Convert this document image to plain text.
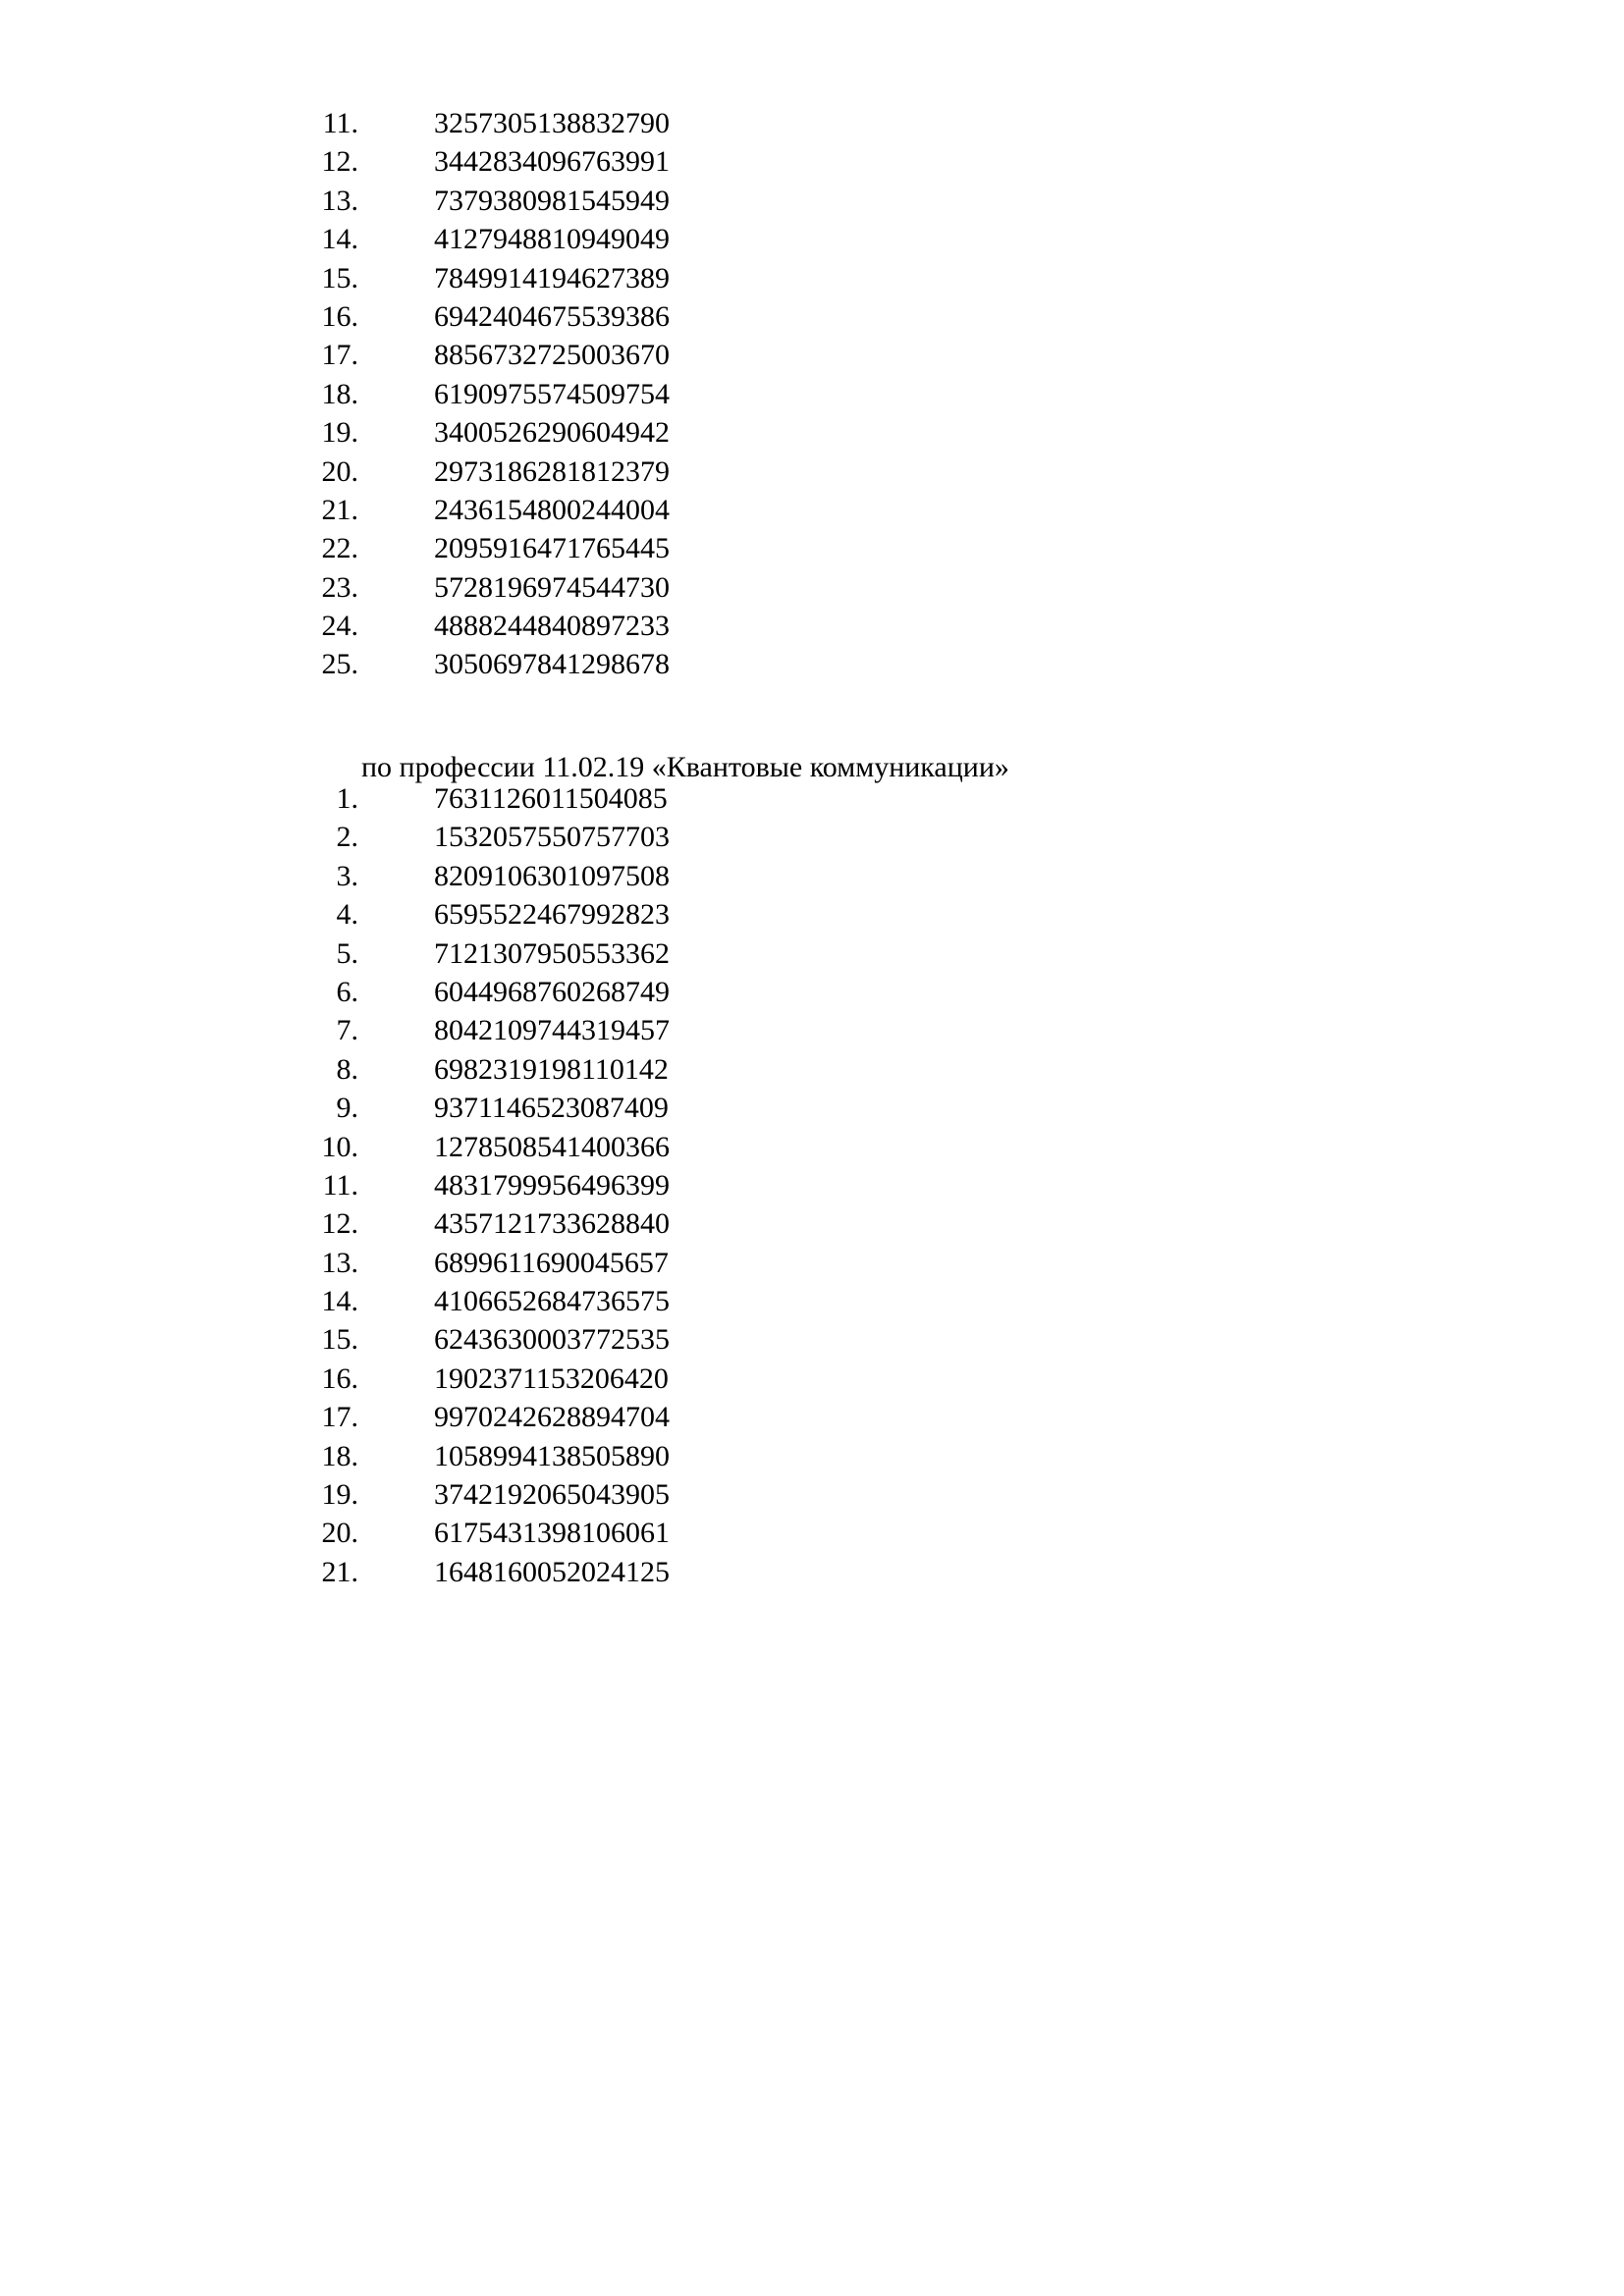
11.	3257305138832790
12.	3442834096763991
13.	7379380981545949
14.	4127948810949049
15.	7849914194627389
16.	6942404675539386
17.	8856732725003670
18.	6190975574509754
19.	3400526290604942
20.	2973186281812379
21.	2436154800244004
22.	2095916471765445
23.	5728196974544730
24.	4888244840897233
25.	3050697841298678
по профессии 11.02.19 «Квантовые коммуникации»
1.	7631126011504085
2.	1532057550757703
3.	8209106301097508
4.	6595522467992823
5.	7121307950553362
6.	6044968760268749
7.	8042109744319457
8.	6982319198110142
9.	9371146523087409
10.	1278508541400366
11.	4831799956496399
12.	4357121733628840
13.	6899611690045657
14.	4106652684736575
15.	6243630003772535
16.	1902371153206420
17.	9970242628894704
18.	1058994138505890
19.	3742192065043905
20.	6175431398106061
21.	1648160052024125
